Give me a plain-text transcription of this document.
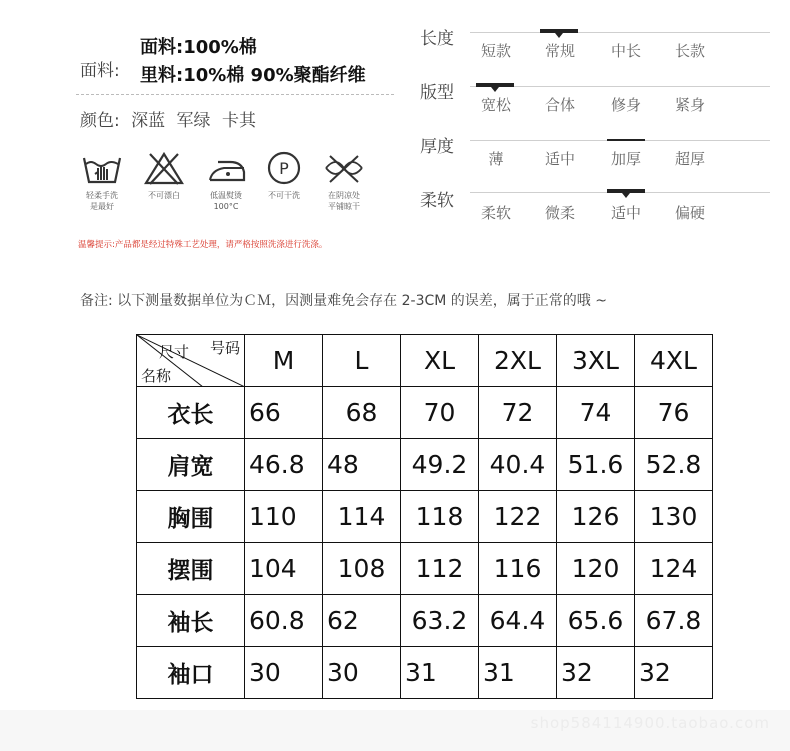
面料:
面料:100%棉
里料:10%棉 90%聚酯纤维
颜色: 深蓝 军绿 卡其
轻柔手洗
是最好
不可漂白	低温熨烫
100°C
P
不可干洗	在阴凉处
平铺晾干
温馨提示:产品都是经过特殊工艺处理，请严格按照洗涤进行洗涤。
长度
短款	常规	中长	长款
版型
宽松	合体	修身	紧身
厚度
薄	适中	加厚	超厚
柔软
柔软	微柔	适中	偏硬
备注: 以下测量数据单位为ＣＭ，因测量难免会存在 2-3CM 的误差，属于正常的哦 ~
号码
尺寸
名称	M	L	XL	2XL	3XL	4XL
衣长	66	68	70	72	74	76
肩宽	46.8	48	49.2	40.4	51.6	52.8
胸围	110	114	118	122	126	130
摆围	104	108	112	116	120	124
袖长	60.8	62	63.2	64.4	65.6	67.8
袖口	30	30	31	31	32	32
shop584114900.taobao.com
